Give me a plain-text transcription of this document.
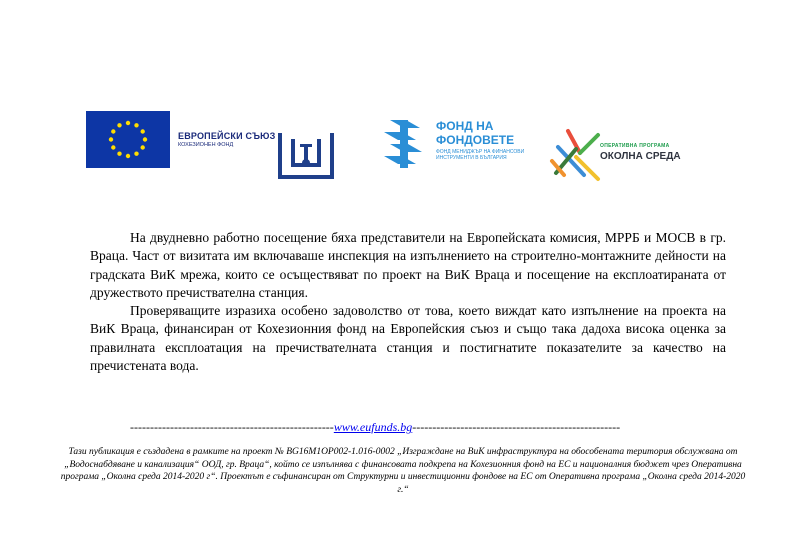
ЕВРОПЕЙСКИ СЪЮЗ
КОХЕЗИОНЕН ФОНД
ФОНД НА
ФОНДОВЕТЕ
ФОНД МЕНИДЖЪР НА ФИНАНСОВИ ИНСТРУМЕНТИ В БЪЛГАРИЯ
ОПЕРАТИВНА ПРОГРАМА
ОКОЛНА СРЕДА

На двудневно работно посещение бяха представители на Европейската комисия, МРРБ и МОСВ в гр. Враца. Част от визитата им включаваше инспекция на изпълнението на строително-монтажните дейности на градската ВиК мрежа, които се осъществяват по проект на ВиК Враца и посещение на експлоатираната от дружеството пречиствателна станция.

Проверяващите изразиха особено задоволство от това, което виждат като изпълнение на проекта на ВиК Враца, финансиран от Кохезионния фонд на Европейския съюз и също така дадоха висока оценка за правилната експлоатация на пречиствателната станция и постигнатите показателите за качество на пречистената вода.

---------------------------------------------------www.eufunds.bg----------------------------------------------------
Тази публикация е създадена в рамките на проект № BG16M1OP002-1.016-0002 „Изграждане на ВиК инфраструктура на обособената територия обслужвана от „Водоснабдяване и канализация“ ООД, гр. Враца“, който се изпълнява с финансовата подкрепа на Кохезионния фонд на ЕС и националния бюджет чрез Оперативна програма „Околна среда 2014-2020 г“. Проектът е съфинансиран от Структурни и инвестиционни фондове на ЕС от Оперативна програма „Околна среда 2014-2020 г.“
